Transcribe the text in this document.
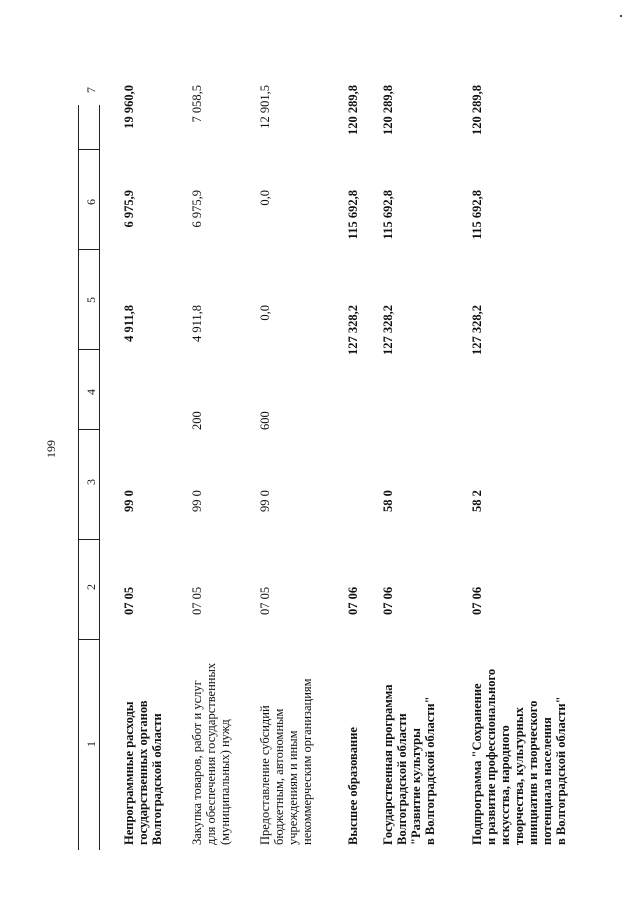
199
1
2
3
4
5
6
7
Непрограммные расходы государственных органов Волгоградской области
07 05
99 0
4 911,8
6 975,9
19 960,0
Закупка товаров, работ и услуг для обеспечения государственных (муниципальных) нужд
07 05
99 0
200
4 911,8
6 975,9
7 058,5
Предоставление субсидий бюджетным, автономным учреждениям и иным некоммерческим организациям
07 05
99 0
600
0,0
0,0
12 901,5
Высшее образование
07 06
127 328,2
115 692,8
120 289,8
Государственная программа Волгоградской области "Развитие культуры в Волгоградской области"
07 06
58 0
127 328,2
115 692,8
120 289,8
Подпрограмма "Сохранение и развитие профессионального искусства, народного творчества, культурных инициатив и творческого потенциала населения в Волгоградской области"
07 06
58 2
127 328,2
115 692,8
120 289,8
